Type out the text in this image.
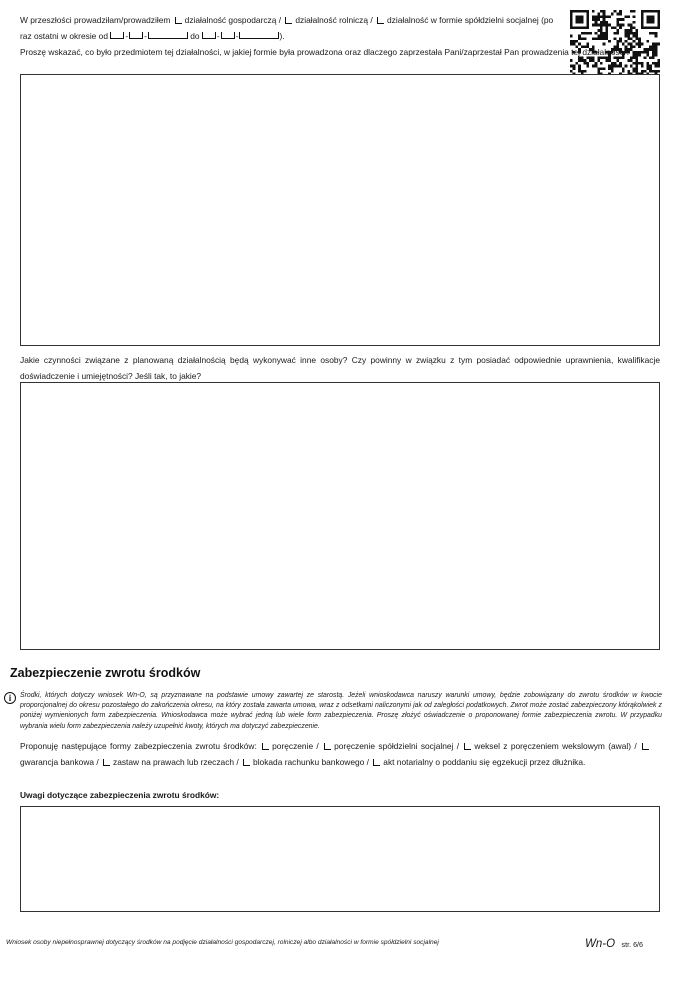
W przeszłości prowadziłam/prowadziłem działalność gospodarczą / działalność rolniczą / działalność w formie spółdzielni socjalnej (po
raz ostatni w okresie od - -	do - -	).
Proszę wskazać, co było przedmiotem tej działalności, w jakiej formie była prowadzona oraz dlaczego zaprzestała Pani/zaprzestał Pan prowadzenia tej działalności?
Jakie czynności związane z planowaną działalnością będą wykonywać inne osoby? Czy powinny w związku z tym posiadać odpowiednie uprawnienia, kwalifikacje doświadczenie i umiejętności? Jeśli tak, to jakie?
Zabezpieczenie zwrotu środków
i	Środki, których dotyczy wniosek Wn-O, są przyznawane na podstawie umowy zawartej ze starostą. Jeżeli wnioskodawca naruszy warunki umowy, będzie zobowiązany do zwrotu środków w kwocie proporcjonalnej do okresu pozostałego do zakończenia okresu, na który została zawarta umowa, wraz z odsetkami naliczonymi jak od zaległości podatkowych. Zwrot może zostać zabezpieczony którąkolwiek z poniżej wymienionych form zabezpieczenia. Wnioskodawca może wybrać jedną lub wiele form zabezpieczenia. Proszę złożyć oświadczenie o proponowanej formie zabezpieczenia zwrotu. W przypadku wybrania wielu form zabezpieczenia należy uzupełnić kwoty, których ma dotyczyć zabezpieczenie.
Proponuję następujące formy zabezpieczenia zwrotu środków: poręczenie / poręczenie spółdzielni socjalnej / weksel z poręczeniem wekslowym (awal) / gwarancja bankowa / zastaw na prawach lub rzeczach / blokada rachunku bankowego / akt notarialny o poddaniu się egzekucji przez dłużnika.
Uwagi dotyczące zabezpieczenia zwrotu środków:
Wniosek osoby niepełnosprawnej dotyczący środków na podjęcie działalności gospodarczej, rolniczej albo działalności w formie spółdzielni socjalnej	Wn-O str. 6/6
